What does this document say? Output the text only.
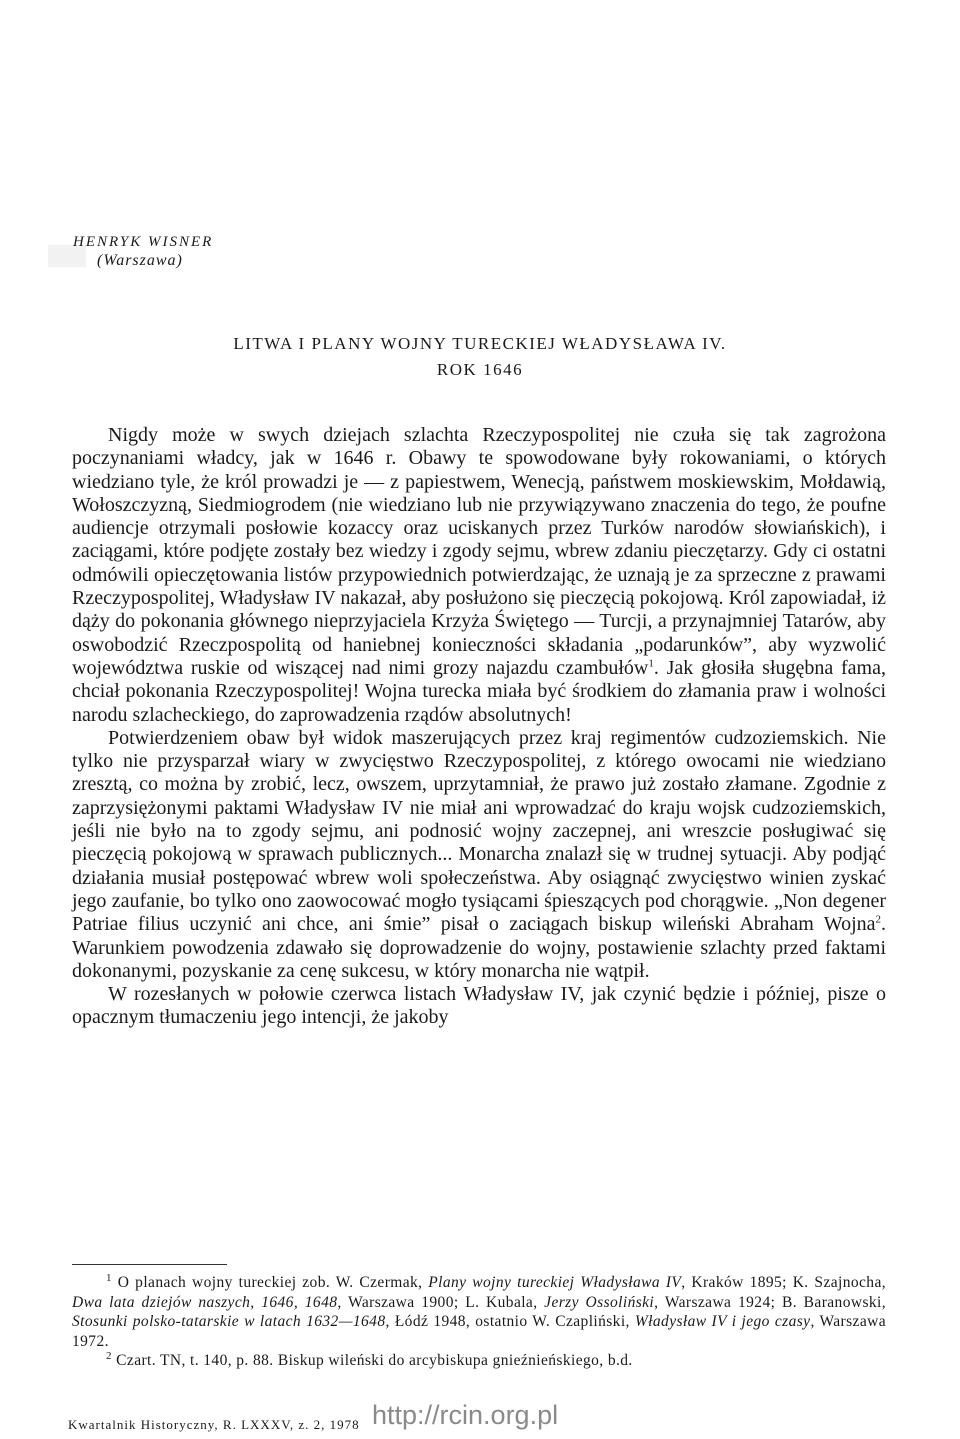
HENRYK WISNER
(Warszawa)
LITWA I PLANY WOJNY TURECKIEJ WŁADYSŁAWA IV.
ROK 1646

Nigdy może w swych dziejach szlachta Rzeczypospolitej nie czuła się tak zagrożona poczynaniami władcy, jak w 1646 r. Obawy te spowodowane były rokowaniami, o których wiedziano tyle, że król prowadzi je — z papiestwem, Wenecją, państwem moskiewskim, Mołdawią, Wołoszczyzną, Siedmiogrodem (nie wiedziano lub nie przywiązywano znaczenia do tego, że poufne audiencje otrzymali posłowie kozaccy oraz uciskanych przez Turków narodów słowiańskich), i zaciągami, które podjęte zostały bez wiedzy i zgody sejmu, wbrew zdaniu pieczętarzy. Gdy ci ostatni odmówili opieczętowania listów przypowiednich potwierdzając, że uznają je za sprzeczne z prawami Rzeczypospolitej, Władysław IV nakazał, aby posłużono się pieczęcią pokojową. Król zapowiadał, iż dąży do pokonania głównego nieprzyjaciela Krzyża Świętego — Turcji, a przynajmniej Tatarów, aby oswobodzić Rzeczpospolitą od haniebnej konieczności składania „podarunków”, aby wyzwolić województwa ruskie od wiszącej nad nimi grozy najazdu czambułów$^1$. Jak głosiła sługębna fama, chciał pokonania Rzeczypospolitej! Wojna turecka miała być środkiem do złamania praw i wolności narodu szlacheckiego, do zaprowadzenia rządów absolutnych!

Potwierdzeniem obaw był widok maszerujących przez kraj regimentów cudzoziemskich. Nie tylko nie przysparzał wiary w zwycięstwo Rzeczypospolitej, z którego owocami nie wiedziano zresztą, co można by zrobić, lecz, owszem, uprzytamniał, że prawo już zostało złamane. Zgodnie z zaprzysiężonymi paktami Władysław IV nie miał ani wprowadzać do kraju wojsk cudzoziemskich, jeśli nie było na to zgody sejmu, ani podnosić wojny zaczepnej, ani wreszcie posługiwać się pieczęcią pokojową w sprawach publicznych... Monarcha znalazł się w trudnej sytuacji. Aby podjąć działania musiał postępować wbrew woli społeczeństwa. Aby osiągnąć zwycięstwo winien zyskać jego zaufanie, bo tylko ono zaowocować mogło tysiącami śpieszących pod chorągwie. „Non degener Patriae filius uczynić ani chce, ani śmie” pisał o zaciągach biskup wileński Abraham Wojna$^2$. Warunkiem powodzenia zdawało się doprowadzenie do wojny, postawienie szlachty przed faktami dokonanymi, pozyskanie za cenę sukcesu, w który monarcha nie wątpił.

W rozesłanych w połowie czerwca listach Władysław IV, jak czynić będzie i później, pisze o opacznym tłumaczeniu jego intencji, że jakoby

$^1$ O planach wojny tureckiej zob. W. Czermak, Plany wojny tureckiej Władysława IV, Kraków 1895; K. Szajnocha, Dwa lata dziejów naszych, 1646, 1648, Warszawa 1900; L. Kubala, Jerzy Ossoliński, Warszawa 1924; B. Baranowski, Stosunki polsko-tatarskie w latach 1632—1648, Łódź 1948, ostatnio W. Czapliński, Władysław IV i jego czasy, Warszawa 1972.

$^2$ Czart. TN, t. 140, p. 88. Biskup wileński do arcybiskupa gnieźnieńskiego, b.d.

Kwartalnik Historyczny, R. LXXXV, z. 2, 1978 http://rcin.org.pl
